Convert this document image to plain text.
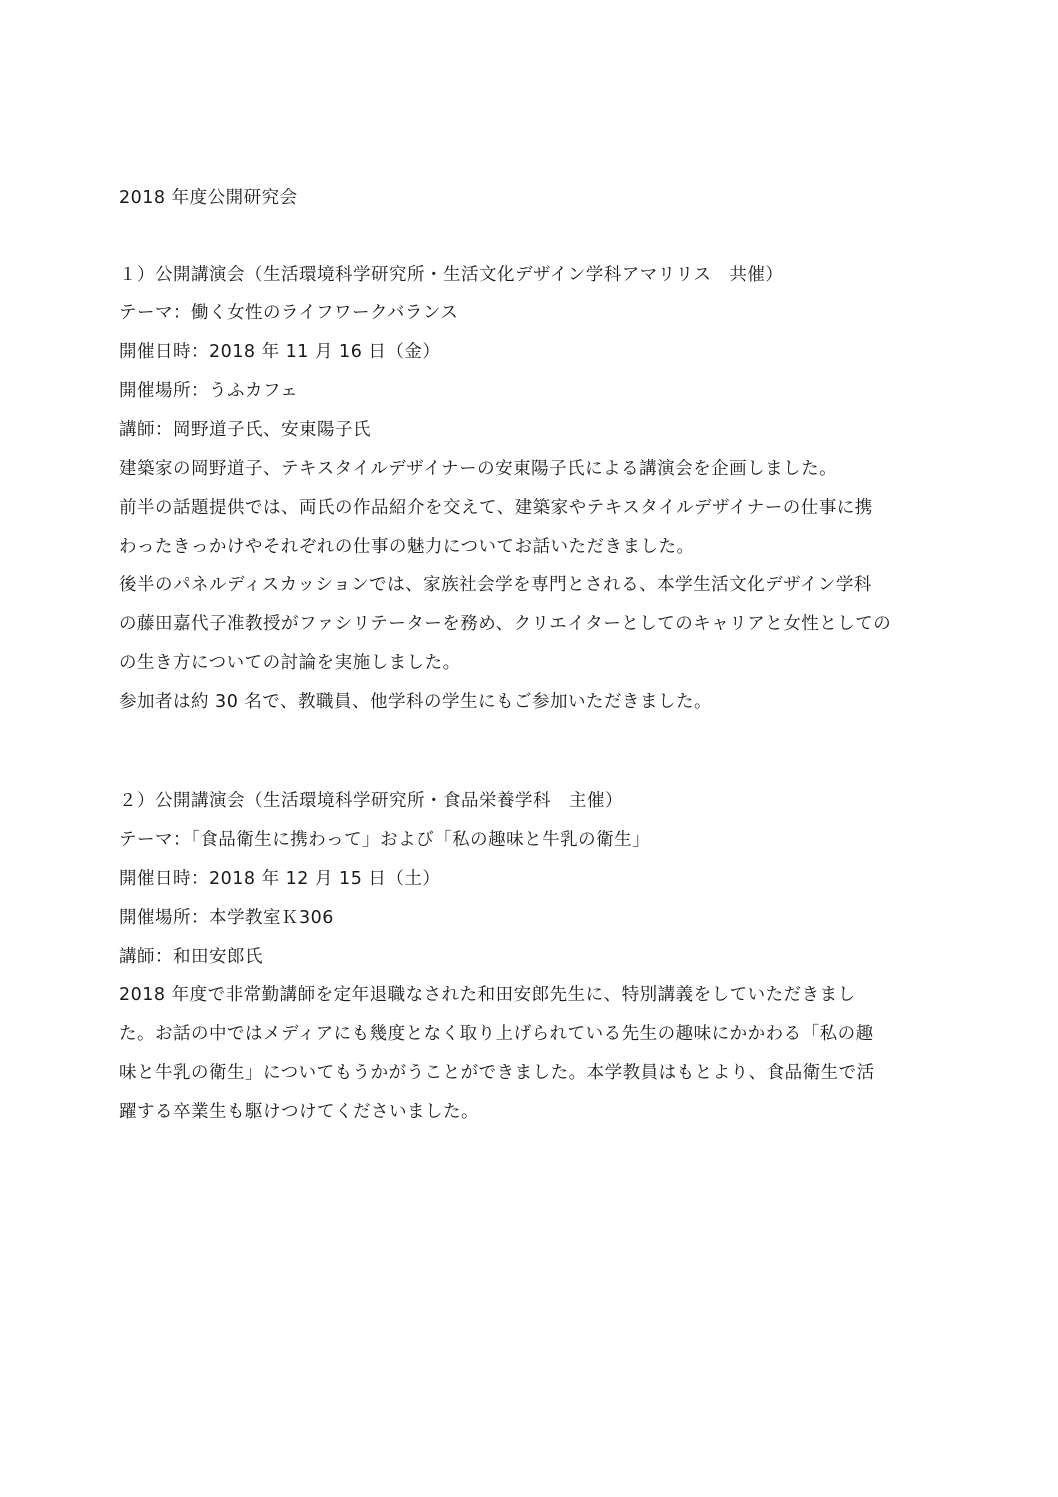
2018 年度公開研究会
１）公開講演会（生活環境科学研究所・生活文化デザイン学科アマリリス　共催）
テーマ：働く女性のライフワークバランス
開催日時：2018 年 11 月 16 日（金）
開催場所：うふカフェ
講師：岡野道子氏、安東陽子氏
建築家の岡野道子、テキスタイルデザイナーの安東陽子氏による講演会を企画しました。
前半の話題提供では、両氏の作品紹介を交えて、建築家やテキスタイルデザイナーの仕事に携
わったきっかけやそれぞれの仕事の魅力についてお話いただきました。
後半のパネルディスカッションでは、家族社会学を専門とされる、本学生活文化デザイン学科
の藤田嘉代子准教授がファシリテーターを務め、クリエイターとしてのキャリアと女性としての
の生き方についての討論を実施しました。
参加者は約 30 名で、教職員、他学科の学生にもご参加いただきました。
２）公開講演会（生活環境科学研究所・食品栄養学科　主催）
テーマ：「食品衛生に携わって」および「私の趣味と牛乳の衛生」
開催日時：2018 年 12 月 15 日（土）
開催場所：本学教室Ｋ306
講師：和田安郎氏
2018 年度で非常勤講師を定年退職なされた和田安郎先生に、特別講義をしていただきまし
た。お話の中ではメディアにも幾度となく取り上げられている先生の趣味にかかわる「私の趣
味と牛乳の衛生」についてもうかがうことができました。本学教員はもとより、食品衛生で活
躍する卒業生も駆けつけてくださいました。
